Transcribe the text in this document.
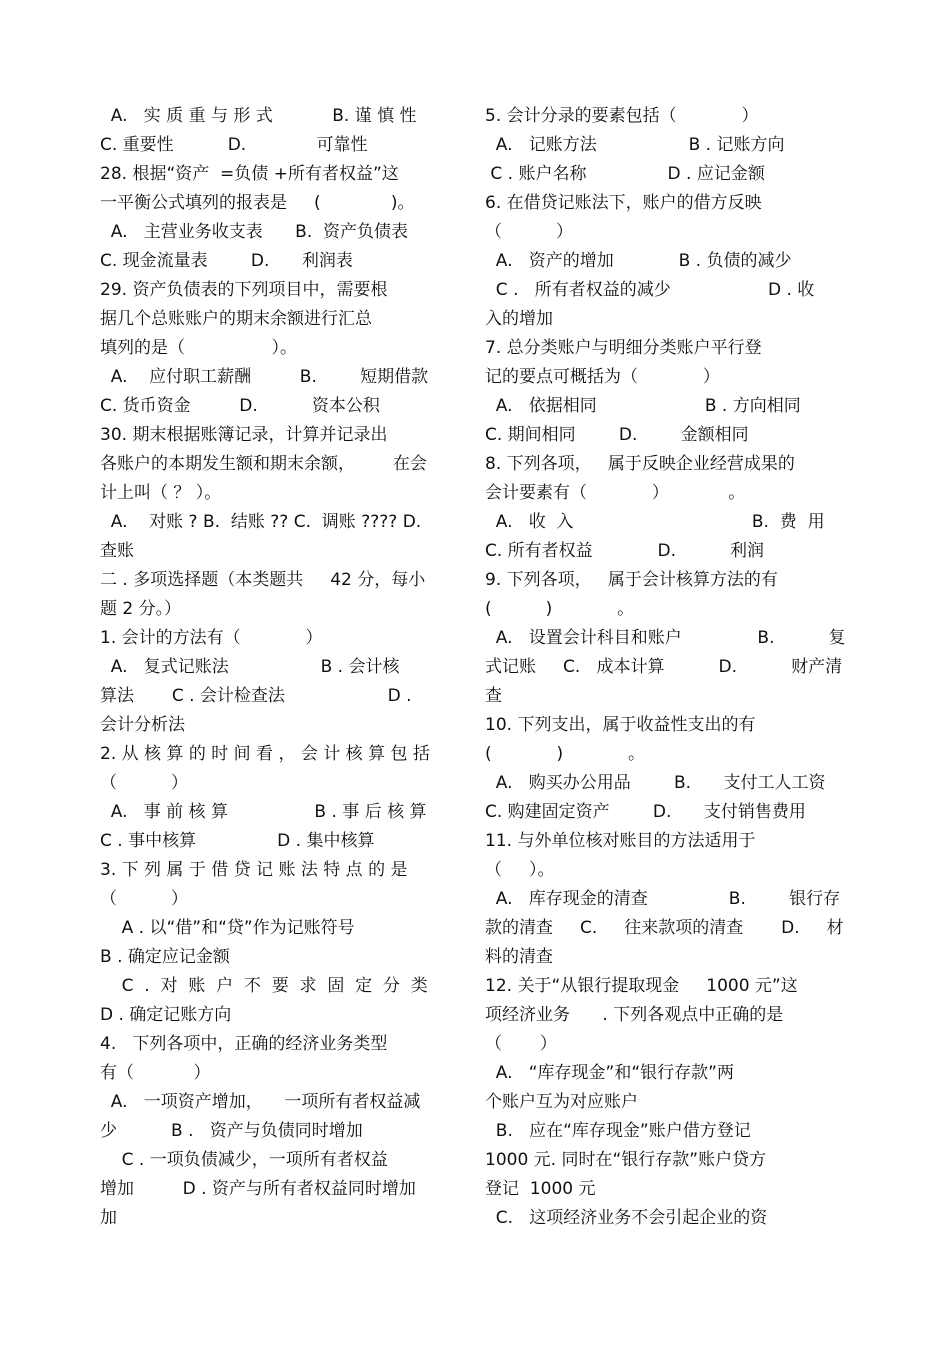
A.   实 质 重 与 形 式           B. 谨 慎 性
C. 重要性          D.             可靠性
28. 根据“资产  =负债 +所有者权益”这
一平衡公式填列的报表是     (             )。
A.   主营业务收支表      B.  资产负债表
C. 现金流量表        D.      利润表
29. 资产负债表的下列项目中，需要根
据几个总账账户的期末余额进行汇总
填列的是（                ）。
A.    应付职工薪酬         B.        短期借款
C. 货币资金         D.          资本公积
30. 期末根据账簿记录，计算并记录出
各账户的本期发生额和期末余额，       在会
计上叫（ ？ ）。
A.    对账 ? B.  结账 ?? C.  调账 ???? D.
查账
二 . 多项选择题（本类题共     42 分，每小
题 2 分。）
1. 会计的方法有（            ）
A.   复式记账法                 B . 会计核
算法       C . 会计检查法                   D .
会计分析法
2. 从 核 算 的 时 间 看 ， 会 计 核 算 包 括
（          ）
A.   事 前 核 算                B . 事 后 核 算
C . 事中核算               D . 集中核算
3. 下 列 属 于 借 贷 记 账 法 特 点 的 是
（          ）
A . 以“借”和“贷”作为记账符号
B . 确定应记金额
C  .  对  账  户  不  要  求  固  定  分  类
D . 确定记账方向
4.   下列各项中，正确的经济业务类型
有（           ）
A.   一项资产增加，    一项所有者权益减
少          B .   资产与负债同时增加
C . 一项负债减少，一项所有者权益
增加         D . 资产与所有者权益同时增加
加
5. 会计分录的要素包括（            ）
A.   记账方法                 B . 记账方向
C . 账户名称               D . 应记金额
6. 在借贷记账法下，账户的借方反映
（          ）
A.   资产的增加            B . 负债的减少
C .   所有者权益的减少                  D . 收
入的增加
7. 总分类账户与明细分类账户平行登
记的要点可概括为（            ）
A.   依据相同                    B . 方向相同
C. 期间相同        D.        金额相同
8. 下列各项，   属于反映企业经营成果的
会计要素有（            ）           。
A.   收  入                                 B.  费  用
C. 所有者权益            D.          利润
9. 下列各项，   属于会计核算方法的有
(          )            。
A.   设置会计科目和账户              B.          复
式记账     C.   成本计算          D.          财产清
查
10. 下列支出，属于收益性支出的有
(            )            。
A.   购买办公用品        B.      支付工人工资
C. 购建固定资产        D.      支付销售费用
11. 与外单位核对账目的方法适用于
（     ）。
A.   库存现金的清查               B.        银行存
款的清查     C.     往来款项的清查       D.     材
料的清查
12. 关于“从银行提取现金     1000 元”这
项经济业务      . 下列各观点中正确的是
（       ）
A.   “库存现金”和“银行存款”两
个账户互为对应账户
B.   应在“库存现金”账户借方登记
1000 元. 同时在“银行存款”账户贷方
登记  1000 元
C.   这项经济业务不会引起企业的资
